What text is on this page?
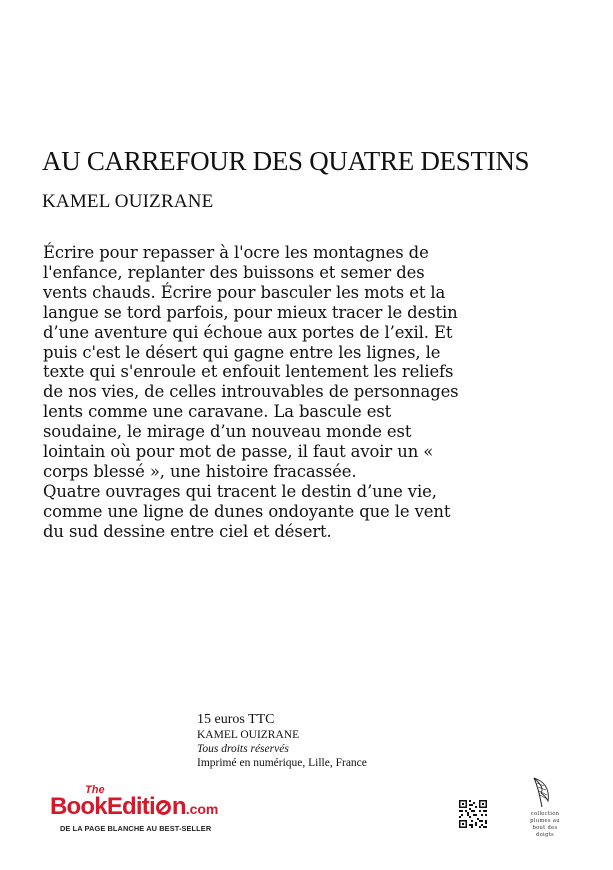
AU CARREFOUR DES QUATRE DESTINS
KAMEL OUIZRANE

Écrire pour repasser à l'ocre les montagnes de l'enfance, replanter des buissons et semer des vents chauds. Écrire pour basculer les mots et la langue se tord parfois, pour mieux tracer le destin d’une aventure qui échoue aux portes de l’exil. Et puis c'est le désert qui gagne entre les lignes, le texte qui s'enroule et enfouit lentement les reliefs de nos vies, de celles introuvables de personnages lents comme une caravane. La bascule est soudaine, le mirage d’un nouveau monde est lointain où pour mot de passe, il faut avoir un « corps blessé », une histoire fracassée.

Quatre ouvrages qui tracent le destin d’une vie, comme une ligne de dunes ondoyante que le vent du sud dessine entre ciel et désert.

15 euros TTC
KAMEL OUIZRANE
Tous droits réservés
Imprimé en numérique, Lille, France
The
BookEditi n.com
DE LA PAGE BLANCHE AU BEST-SELLER
collection
plumes au
bout des
doigts
